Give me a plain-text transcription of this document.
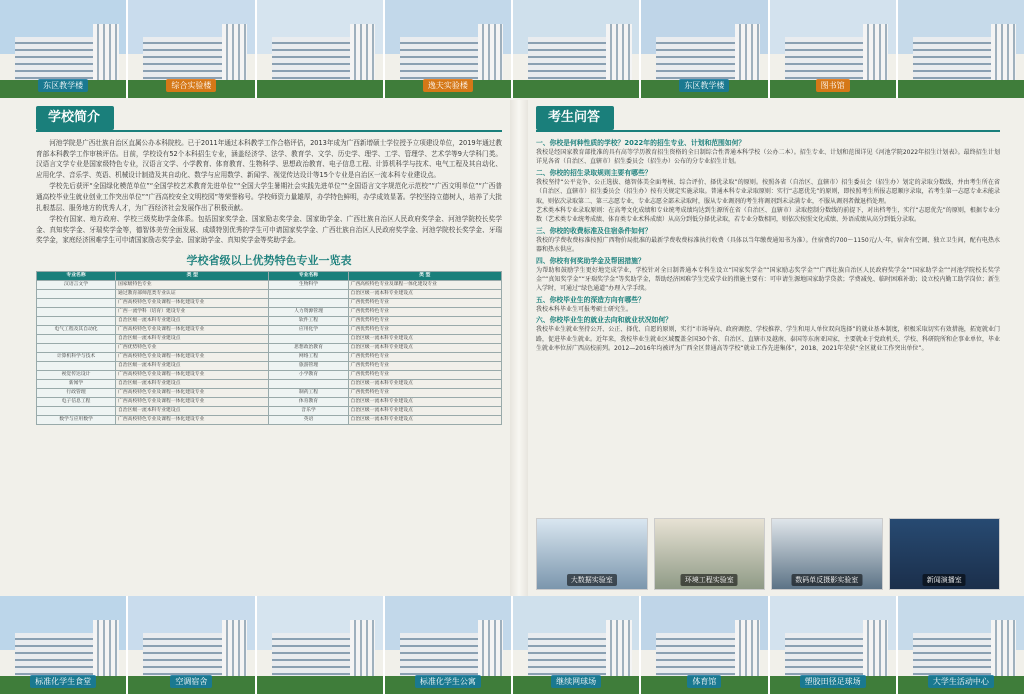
东区教学楼	综合实验楼	逸夫实验楼	东区教学楼	图书馆
学校简介

河池学院是广西壮族自治区直属公办本科院校。已于2011年通过本科教学工作合格评估，2013年成为广西新增硕士学位授予立项建设单位，2019年通过教育部本科教学工作审核评估。目前，学校设有52个本科招生专业，涵盖经济学、法学、教育学、文学、历史学、理学、工学、管理学、艺术学等9大学科门类。汉语言文学专业是国家级特色专业，汉语言文学、小学教育、体育教育、生物科学、思想政治教育、电子信息工程、计算机科学与技术、电气工程及其自动化、应用化学、音乐学、英语、机械设计制造及其自动化、数学与应用数学、新闻学、视觉传达设计等15个专业是自治区一流本科专业建设点。

学校先后获评“全国绿化模范单位”“全国学校艺术教育先进单位”“全国大学生暑期社会实践先进单位”“全国语言文字规范化示范校”“广西文明单位”“广西普通高校毕业生就业创业工作突出单位”“广西高校安全文明校园”等荣誉称号。学校师资力量雄厚，办学特色鲜明，办学成效显著。学校坚持立德树人，培养了大批扎根基层、服务地方的优秀人才，为广西经济社会发展作出了积极贡献。

学校有国家、地方政府、学校三级奖助学金体系。包括国家奖学金、国家励志奖学金、国家助学金、广西壮族自治区人民政府奖学金、河池学院校长奖学金、真知奖学金、牙瑞奖学金等，德智体美劳全面发展、成绩特别优秀的学生可申请国家奖学金、广西壮族自治区人民政府奖学金、河池学院校长奖学金、牙瑞奖学金，家庭经济困难学生可申请国家励志奖学金、国家助学金、真知奖学金等奖助学金。

学校省级以上优势特色专业一览表
专业名称	类 型	专业名称	类 型
汉语言文学	国家级特色专业	生物科学	广西高校特色专业及课程一体化建设专业
	通过教育部师范类专业认证		自治区级一流本科专业建设点
	广西高校特色专业及课程一体化建设专业		广西优势特色专业
	广西一流学科（培育）建设专业	人力资源管理	广西优势特色专业
	自治区级一流本科专业建设点	软件工程	广西优势特色专业
电气工程及其自动化	广西高校特色专业及课程一体化建设专业	应用化学	广西优势特色专业
	自治区级一流本科专业建设点		自治区级一流本科专业建设点
	广西优势特色专业	思想政治教育	自治区级一流本科专业建设点
计算机科学与技术	广西高校特色专业及课程一体化建设专业	网络工程	广西优势特色专业
	自治区级一流本科专业建设点	旅游管理	广西优势特色专业
视觉传达设计	广西高校特色专业及课程一体化建设专业	小学教育	广西优势特色专业
新闻学	自治区级一流本科专业建设点		自治区级一流本科专业建设点
行政管理	广西高校特色专业及课程一体化建设专业	制药工程	广西优势特色专业
电子信息工程	广西高校特色专业及课程一体化建设专业	体育教育	自治区级一流本科专业建设点
	自治区级一流本科专业建设点	音乐学	自治区级一流本科专业建设点
数学与应用数学	广西高校特色专业及课程一体化建设专业	英语	自治区级一流本科专业建设点
考生问答
一、你校是何种性质的学校？2022年的招生专业、计划和范围如何？

我校是经国家教育部批准的具有高等学历教育招生资格的全日制综合性普通本科学校（公办二本）。招生专业、计划和范围详见《河池学院2022年招生计划表》。最终招生计划详见各省（自治区、直辖市）招生委员会（招生办）公布的分专业招生计划。

二、你校的招生录取规则主要有哪些？

我校坚持“公平竞争、公正选拔、德智体美全面考核、综合评价、择优录取”的原则。按照各省（自治区、直辖市）招生委员会（招生办）划定的录取分数线，并由考生所在省（自治区、直辖市）招生委员会（招生办）按有关规定实施录取。普通本科专业录取原则：实行“志愿优先”的原则，即按照考生所报志愿顺序录取，若考生第一志愿专业未能录取，则依次录取第二、第三志愿专业，专业志愿全部未录取时，服从专业调剂的考生将调剂到未录满专业，不服从调剂者做退档处理。

艺术类本科专业录取原则：在高考文化成绩和专业统考成绩均达到生源所在省（自治区、直辖市）录取控制分数线的前提下，对出档考生，实行“志愿优先”的原则，根据专业分数（艺术类专业统考成绩、体育类专业术科成绩）从高分到低分择优录取，若专业分数相同，则依次按照文化成绩、外语成绩从高分到低分录取。

三、你校的收费标准及住宿条件如何？

我校的学费收费标准按照广西物价局批准的最新学费收费标准执行收费（具体以当年缴费通知书为准）。住宿费约700～1150元/人·年，宿舍有空调、独立卫生间，配有电热水器和热水供应。

四、你校有何奖助学金及帮困措施？

为帮助和鼓励学生更好地完成学业，学校针对全日制普通本专科生设立“国家奖学金”“国家励志奖学金”“广西壮族自治区人民政府奖学金”“国家助学金”“河池学院校长奖学金”“真知奖学金”“牙瑞奖学金”等奖助学金，帮助经济困难学生完成学业的措施主要有：可申请生源地国家助学贷款；学费减免、临时困难补助；设立校内勤工助学岗位；新生入学时，可通过“绿色通道”办理入学手续。

五、你校毕业生的深造方向有哪些？

我校本科毕业生可报考硕士研究生。

六、你校毕业生的就业去向和就业状况如何？

我校毕业生就业坚持公开、公正、择优、自愿的原则，实行“市场导向、政府调控、学校推荐、学生和用人单位双向选择”的就业基本制度，积极采取切实有效措施，拓宽就业门路，促进毕业生就业。近年来，我校毕业生就业区域覆盖全国30个省、自治区、直辖市及越南、泰国等东南亚国家，主要就业于党政机关、学校、科研院所和企事业单位，毕业生就业率位居广西高校前列。2012—2016年均被评为广西全区普通高等学校“就业工作先进集体”，2018、2021年荣获“全区就业工作突出单位”。

大数据实验室	环境工程实验室	数码单反摄影实验室	新闻演播室
标准化学生食堂	空调宿舍	标准化学生公寓	继续网球场	体育馆	塑胶田径足球场	大学生活动中心
